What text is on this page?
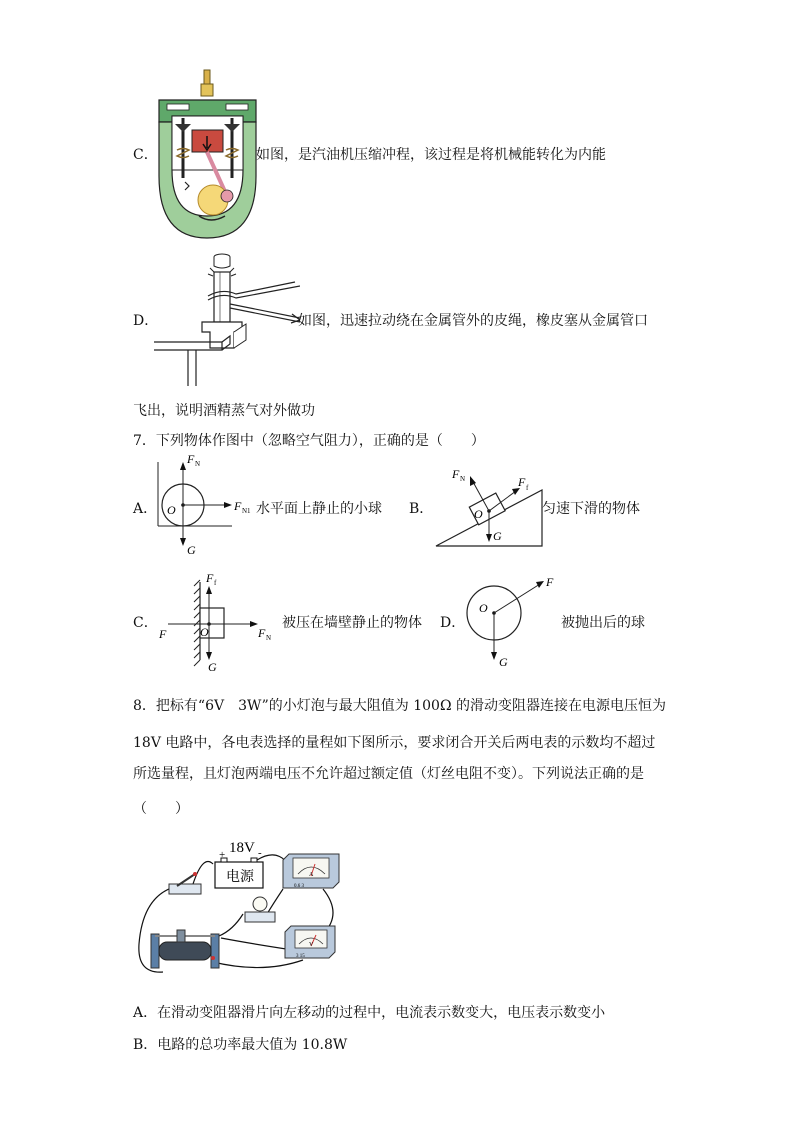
C．	如图，是汽油机压缩冲程，该过程是将机械能转化为内能
D．	如图，迅速拉动绕在金属管外的皮绳，橡皮塞从金属管口
飞出，说明酒精蒸气对外做功
7．下列物体作图中（忽略空气阻力），正确的是（　　）
A．
F N
O	F N1
G
水平面上静止的小球 B．
F N	F f
O
G
匀速下滑的物体
C．
F f
F	O	F N
G
被压在墙壁静止的物体 D．
F
O
G
被抛出后的球
8．把标有“6V　3W”的小灯泡与最大阻值为 100Ω 的滑动变阻器连接在电源电压恒为
18V 电路中，各电表选择的量程如下图所示，要求闭合开关后两电表的示数均不超过
所选量程，且灯泡两端电压不允许超过额定值（灯丝电阻不变）。下列说法正确的是
（　　）
18V
+	-
电源	A
0.6 3
V
3 15
A．在滑动变阻器滑片向左移动的过程中，电流表示数变大，电压表示数变小
B．电路的总功率最大值为 10.8W
